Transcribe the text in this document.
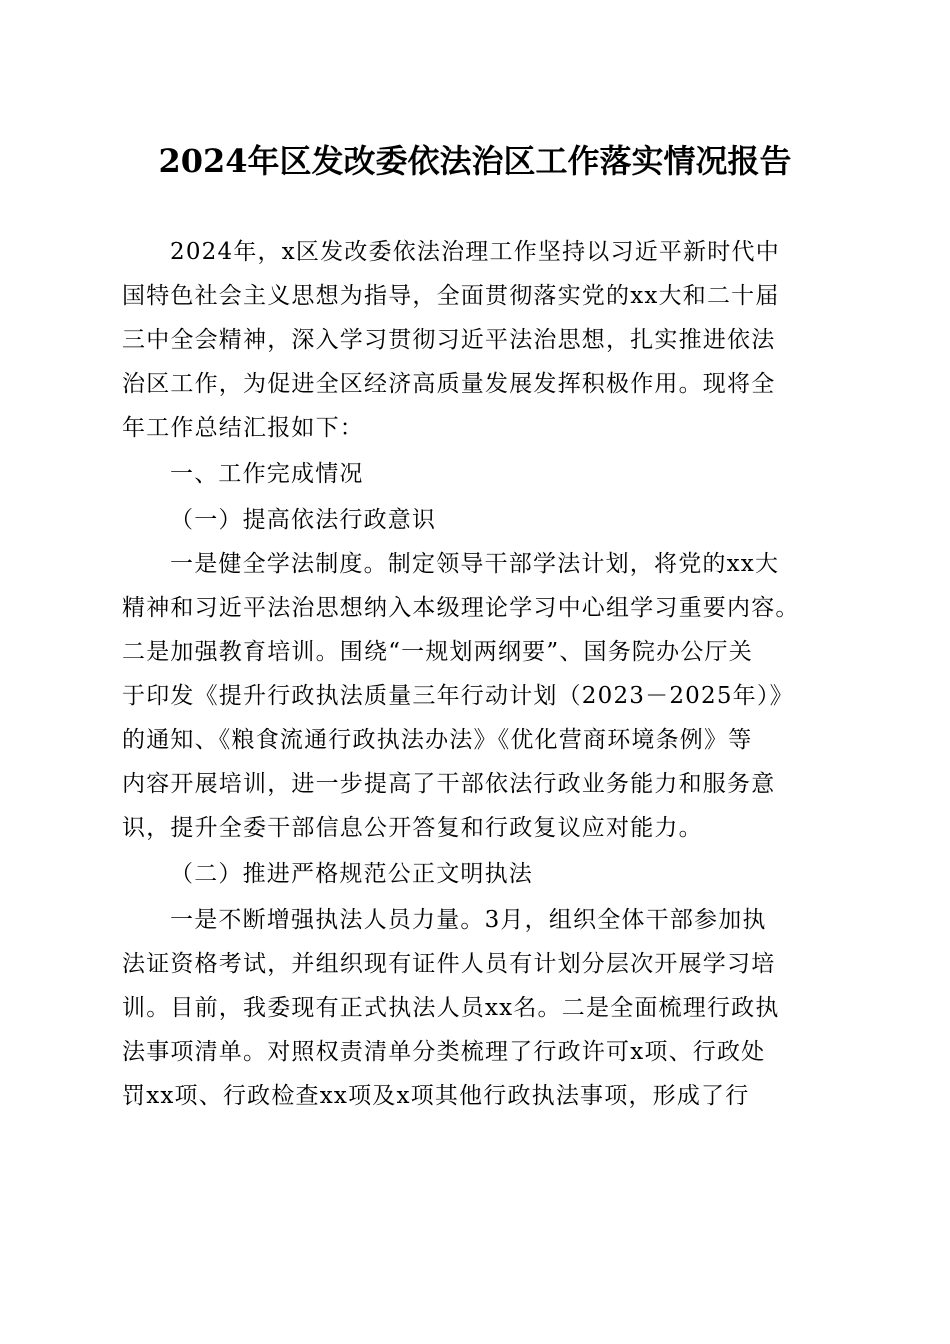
2024年区发改委依法治区工作落实情况报告
2024年，x区发改委依法治理工作坚持以习近平新时代中
国特色社会主义思想为指导，全面贯彻落实党的xx大和二十届
三中全会精神，深入学习贯彻习近平法治思想，扎实推进依法
治区工作，为促进全区经济高质量发展发挥积极作用。现将全
年工作总结汇报如下：
一、工作完成情况
（一）提高依法行政意识
一是健全学法制度。制定领导干部学法计划，将党的xx大
精神和习近平法治思想纳入本级理论学习中心组学习重要内容。
二是加强教育培训。围绕“一规划两纲要”、国务院办公厅关
于印发《提升行政执法质量三年行动计划（2023－2025年）》
的通知、《粮食流通行政执法办法》《优化营商环境条例》等
内容开展培训，进一步提高了干部依法行政业务能力和服务意
识，提升全委干部信息公开答复和行政复议应对能力。
（二）推进严格规范公正文明执法
一是不断增强执法人员力量。3月，组织全体干部参加执
法证资格考试，并组织现有证件人员有计划分层次开展学习培
训。目前，我委现有正式执法人员xx名。二是全面梳理行政执
法事项清单。对照权责清单分类梳理了行政许可x项、行政处
罚xx项、行政检查xx项及x项其他行政执法事项，形成了行
